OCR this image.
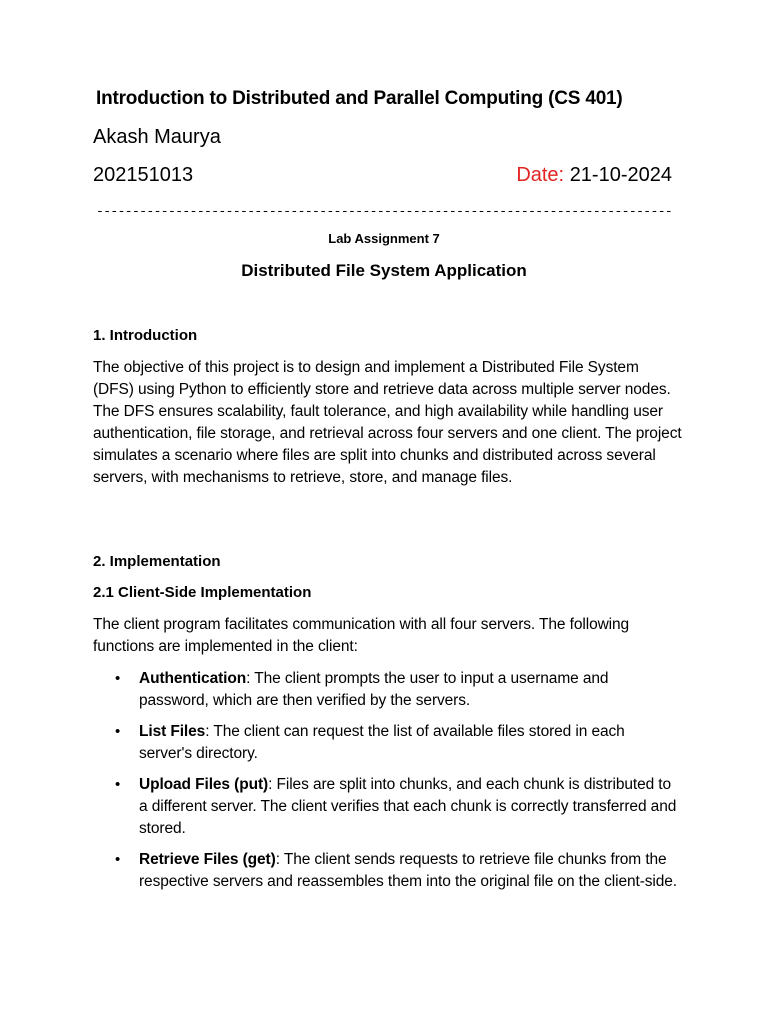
Introduction to Distributed and Parallel Computing (CS 401)
Akash Maurya
202151013	Date: 21-10-2024
--------------------------------------------------------------------------------
Lab Assignment 7
Distributed File System Application
1. Introduction
The objective of this project is to design and implement a Distributed File System (DFS) using Python to efficiently store and retrieve data across multiple server nodes. The DFS ensures scalability, fault tolerance, and high availability while handling user authentication, file storage, and retrieval across four servers and one client. The project simulates a scenario where files are split into chunks and distributed across several servers, with mechanisms to retrieve, store, and manage files.
2. Implementation
2.1 Client-Side Implementation
The client program facilitates communication with all four servers. The following functions are implemented in the client:
• Authentication: The client prompts the user to input a username and password, which are then verified by the servers.
• List Files: The client can request the list of available files stored in each server's directory.
• Upload Files (put): Files are split into chunks, and each chunk is distributed to a different server. The client verifies that each chunk is correctly transferred and stored.
• Retrieve Files (get): The client sends requests to retrieve file chunks from the respective servers and reassembles them into the original file on the client-side.
